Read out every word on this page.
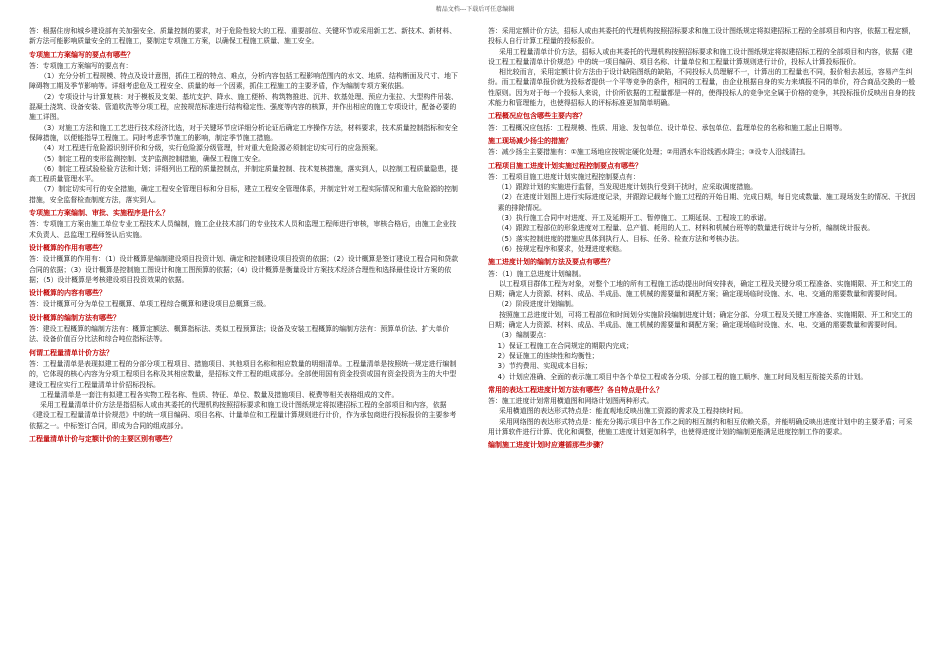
精品文档---下载后可任意编辑

答：根据住房和城乡建设部有关加强安全、质量控制的要求，对于危险性较大的工程、重要部位、关键环节或采用新工艺、新技术、新材料、新方法可能影响质量安全的工程施工，要制定专项施工方案，以确保工程施工质量、施工安全。

专项施工方案编写的要点有哪些？

答：专项施工方案编写的要点有：

（1）充分分析工程规模、特点及设计意图，抓住工程的特点、难点，分析内容包括工程影响范围内的水文、地质、结构断面及尺寸、地下障碍物工期及季节影响等。详细考虑危及工程安全、质量的每一个因素，抓住工程施工的主要矛盾，作为编制专项方案依据。

（2）专项设计与计算复核：对于模板及支架、基坑支护、降水、施工便桥、构筑物推进、沉井、软基处理、预应力张拉、大型构件吊装、混凝土浇筑、设备安装、管道吹洗等分项工程，应按规范标准进行结构稳定性、强度等内容的核算，并作出相应的施工专项设计，配备必要的施工详图。

（3）对施工方法和施工工艺进行技术经济比选，对于关键环节应详细分析论证后确定工序操作方法，材料要求，技术质量控制指标和安全保障措施，以便能指导工程施工。同时考虑季节施工的影响，制定季节施工措施。

（4）对工程进行危险源识别评价和分级，实行危险源分级管理，针对重大危险源必须制定切实可行的应急预案。

（5）制定工程的变形监测控制、支护监测控制措施，确保工程施工安全。

（6）制定工程试验检验方法和计划；详细列出工程的质量控制点，并制定质量控制、技术复核措施，落实到人，以控制工程质量隐患，提高工程质量管理水平。

（7）制定切实可行的安全措施，确定工程安全管理目标和分目标，建立工程安全管理体系，并制定针对工程实际情况和重大危险源的控制措施，安全监督检查制度方法，落实到人。

专项施工方案编制、审批、实施程序是什么？

答：专项施工方案由施工单位专业工程技术人员编制，施工企业技术部门的专业技术人员和监理工程师进行审核，审核合格后，由施工企业技术负责人、总监理工程师签认后实施。

设计概算的作用有哪些？

答：设计概算的作用有：（1）设计概算是编制建设项目投资计划、确定和控制建设项目投资的依据；（2）设计概算是签订建设工程合同和贷款合同的依据；（3）设计概算是控制施工图设计和施工图预算的依据；（4）设计概算是衡量设计方案技术经济合理性和选择最佳设计方案的依据；（5）设计概算是考核建设项目投资效果的依据。

设计概算的内容有哪些？

答：设计概算可分为单位工程概算、单项工程综合概算和建设项目总概算三级。

设计概算的编制方法有哪些？

答：建设工程概算的编制方法有：概算定额法、概算指标法、类似工程预算法；设备及安装工程概算的编制方法有：预算单价法、扩大单价法、设备价值百分比法和综合吨位指标法等。

何谓工程量清单计价方法？

答：工程量清单是表现拟建工程的分部分项工程项目、措施项目、其他项目名称和相应数量的明细清单。工程量清单是按照统一规定进行编制的，它体现的核心内容为分项工程项目名称及其相应数量，是招标文件工程的组成部分。全部使用国有资金投资或国有资金投资为主的大中型建设工程应实行工程量清单计价招标投标。

工程量清单是一套注有拟建工程各实物工程名称、性质、特征、单位、数量及措施项目、税费等相关表格组成的文件。

采用工程量清单计价方法是指招标人或由其委托的代理机构按照招标要求和施工设计图纸规定将拟建招标工程的全部项目和内容，依据《建设工程工程量清单计价规范》中的统一项目编码、项目名称、计量单位和工程量计算规则进行计价，作为承包商进行投标报价的主要参考依据之一。中标签订合同，即成为合同的组成部分。

工程量清单计价与定额计价的主要区别有哪些？

答：采用定额计价方法，招标人或由其委托的代理机构按照招标要求和施工设计图纸规定将拟建招标工程的全部项目和内容，依据工程定额，投标人自行计算工程量的投标报价。

采用工程量清单计价方法，招标人或由其委托的代理机构按照招标要求和施工设计图纸规定将拟建招标工程的全部项目和内容，依据《建设工程工程量清单计价规范》中的统一项目编码、项目名称、计量单位和工程量计算规则进行计价，投标人计算投标报价。

相比较而言，采用定额计价方法由于设计缺陷图纸的缺陷，不同投标人员理解不一，计算出的工程量也不同，报价相去甚远，容易产生纠纷。而工程量清单报价就为投标者提供一个平等竞争的条件，相同的工程量，由企业根据自身的实力来填报不同的单价，符合商品交换的一般性原则。因为对于每一个投标人来说，计价所依据的工程量都是一样的，使得投标人的竞争完全属于价格的竞争，其投标报价反映出自身的技术能力和管理能力，也使得招标人的评标标准更加简单明确。

工程概况应包含哪些主要内容？

答：工程概况应包括：工程规模、性质、用途、发包单位、设计单位、承包单位、监理单位的名称和施工起止日期等。

施工现场减少扬尘的措施？

答：减少扬尘主要措施有：①施工场地应按规定硬化处理；②用洒水车沿线洒水降尘；③设专人沿线清扫。

工程项目施工进度计划实施过程控制要点有哪些？

答：工程项目施工进度计划实施过程控制要点有：

（1）跟踪计划的实施进行监督，当发现进度计划执行受到干扰时，应采取调度措施。

（2）在进度计划图上进行实际进度记录，并跟踪记载每个施工过程的开始日期、完成日期，每日完成数量、施工现场发生的情况、干扰因素的排除情况。

（3）执行施工合同中对进度、开工及延期开工、暂停施工、工期延误、工程竣工的承诺。

（4）跟踪工程部位的形象进度对工程量、总产值、耗用的人工、材料和机械台班等的数量进行统计与分析，编制统计报表。

（5）落实控制进度的措施应具体到执行人、目标、任务、检查方法和考核办法。

（6）按规定程序和要求，处理进度索赔。

施工进度计划的编制方法及要点有哪些？

答：（1）施工总进度计划编制。

以工程项目群体工程为对象，对整个工地的所有工程施工活动提出时间安排表，确定工程及关键分项工程准备、实施期限、开工和完工的日期；确定人力资源、材料、成品、半成品、施工机械的需要量和调配方案；确定现场临时设施、水、电、交通的需要数量和需要时间。

（2）阶段进度计划编制。

按照施工总进度计划，可将工程部位和时间划分实施阶段编制进度计划；确定分部、分项工程及关键工序准备、实施期限、开工和完工的日期；确定人力资源、材料、成品、半成品、施工机械的需要量和调配方案；确定现场临时设施、水、电、交通的需要数量和需要时间。

（3）编制要点：

1）保证工程施工在合同规定的期限内完成；

2）保证施工的连续性和均衡性；

3）节约费用、实现成本目标；

4）计划应准确、全面的表示施工项目中各个单位工程或各分项、分部工程的施工顺序、施工时间及相互衔接关系的计划。

常用的表达工程进度计划方法有哪些？各自特点是什么？

答：施工进度计划常用横道图和网络计划图两种形式。

采用横道图的表达形式特点是：能直观地反映出施工资源的需求及工程持续时间。

采用网络图的表达形式特点是：能充分揭示项目中各工作之间的相互制约和相互依赖关系，并能明确反映出进度计划中的主要矛盾；可采用计算软件进行计算、优化和调整，使施工进度计划更加科学，也使得进度计划的编制更能满足进度控制工作的要求。

编制施工进度计划时应遵循那些步骤？
